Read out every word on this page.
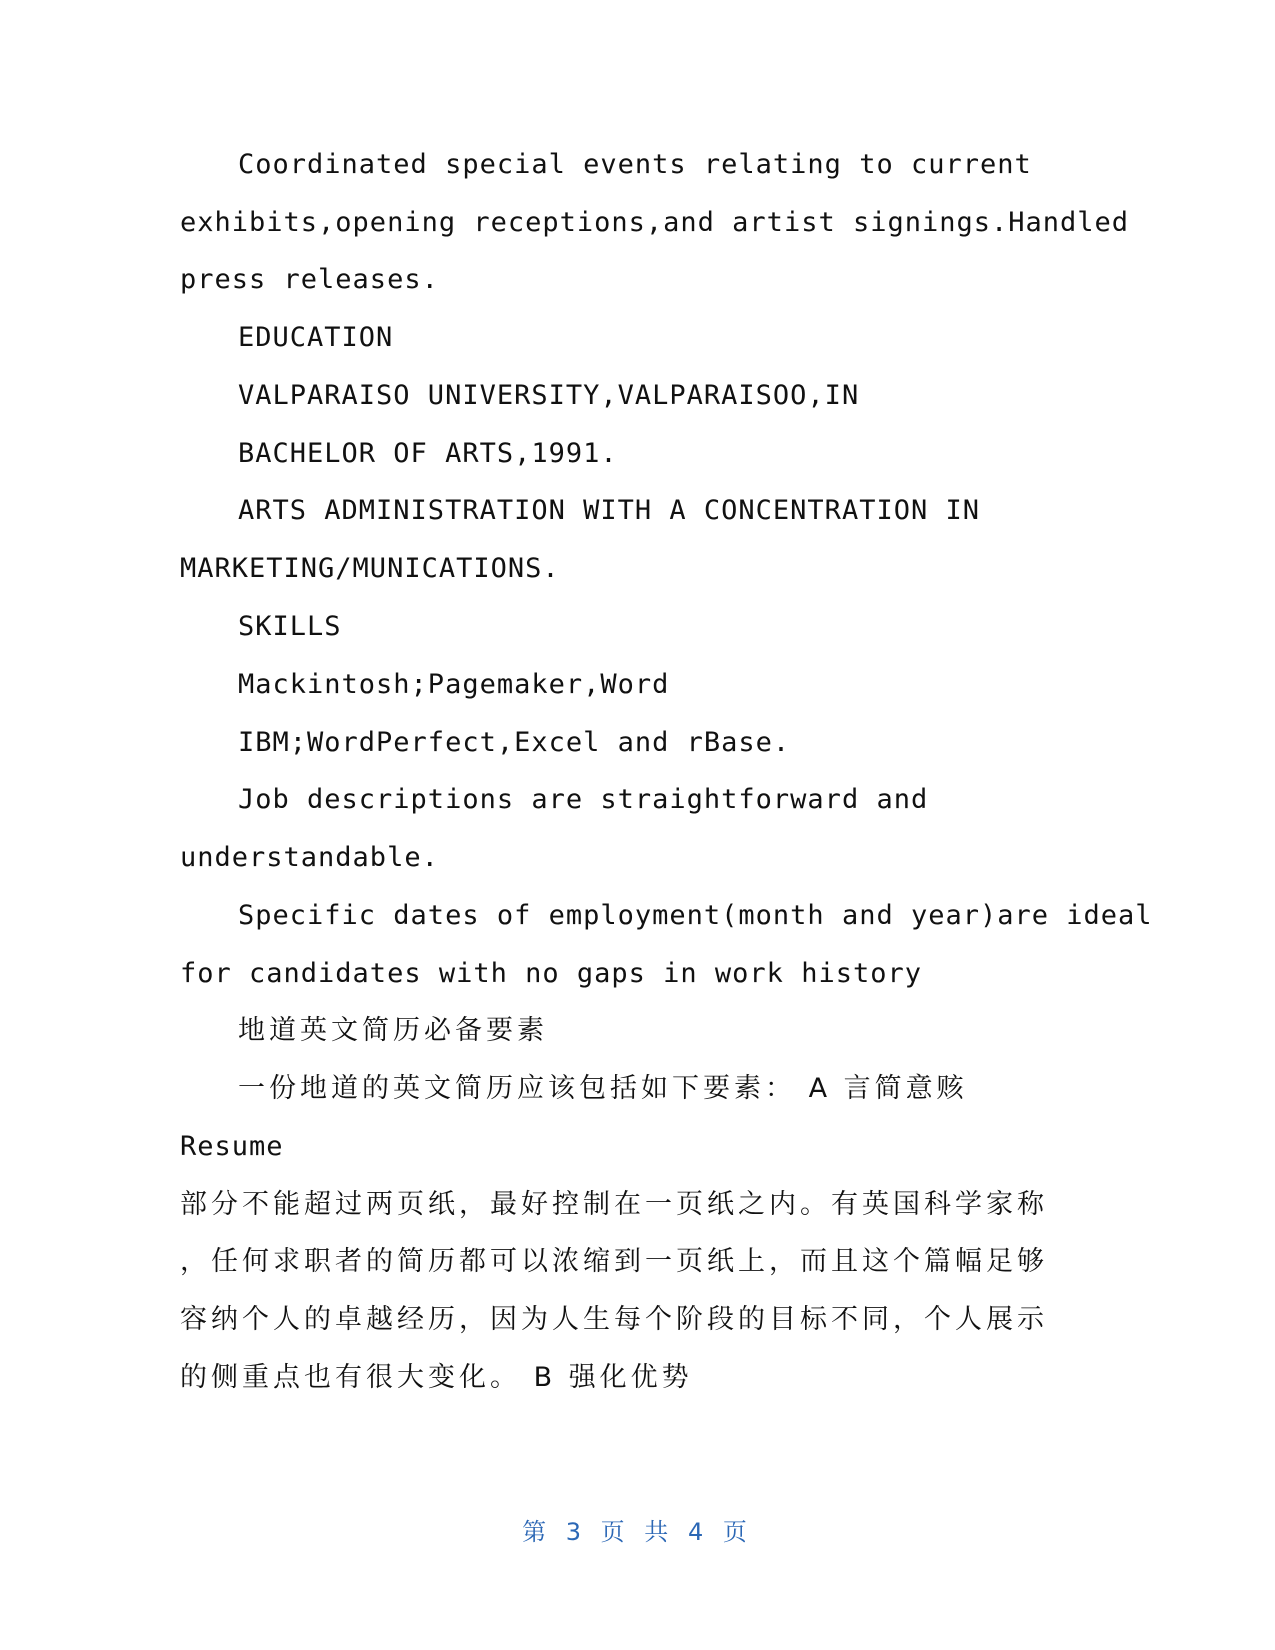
Coordinated special events relating to current
exhibits,opening receptions,and artist signings.Handled
press releases.
EDUCATION
VALPARAISO UNIVERSITY,VALPARAISOO,IN
BACHELOR OF ARTS,1991.
ARTS ADMINISTRATION WITH A CONCENTRATION IN
MARKETING/MUNICATIONS.
SKILLS
Mackintosh;Pagemaker,Word
IBM;WordPerfect,Excel and rBase.
Job descriptions are straightforward and
understandable.
Specific dates of employment(month and year)are ideal
for candidates with no gaps in work history
地道英文简历必备要素
一份地道的英文简历应该包括如下要素： A 言简意赅
Resume
部分不能超过两页纸，最好控制在一页纸之内。有英国科学家称
，任何求职者的简历都可以浓缩到一页纸上，而且这个篇幅足够
容纳个人的卓越经历，因为人生每个阶段的目标不同，个人展示
的侧重点也有很大变化。 B 强化优势
第 3 页 共 4 页
